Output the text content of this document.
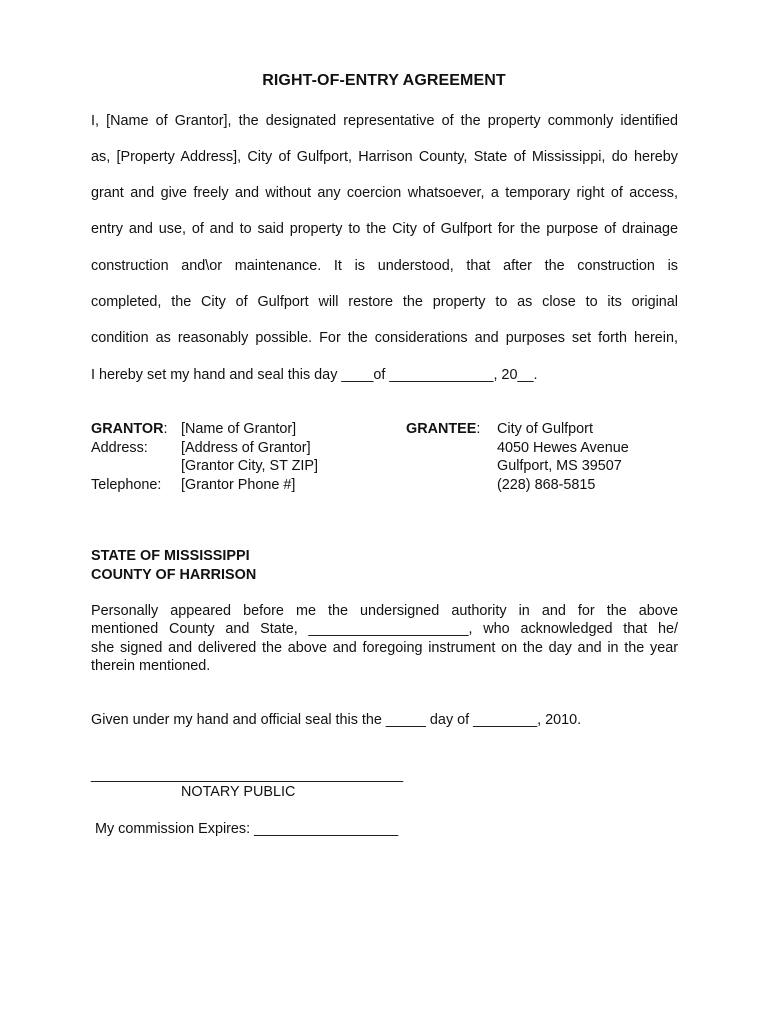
RIGHT-OF-ENTRY AGREEMENT
I, [Name of Grantor], the designated representative of the property commonly identified
as, [Property Address], City of Gulfport, Harrison County, State of Mississippi, do hereby
grant and give freely and without any coercion whatsoever, a temporary right of access,
entry and use, of and to said property to the City of Gulfport for the purpose of drainage
construction and\or maintenance. It is understood, that after the construction is
completed, the City of Gulfport will restore the property to as close to its original
condition as reasonably possible. For the considerations and purposes set forth herein,
I hereby set my hand and seal this day ____of _____________, 20__.
GRANTOR:
Address:

Telephone:
[Name of Grantor]
[Address of Grantor]
[Grantor City, ST ZIP]
[Grantor Phone #]
GRANTEE: City of Gulfport
4050 Hewes Avenue
Gulfport, MS 39507
(228) 868-5815
STATE OF MISSISSIPPI
COUNTY OF HARRISON
Personally appeared before me the undersigned authority in and for the above
mentioned County and State, ____________________, who acknowledged that he/
she signed and delivered the above and foregoing instrument on the day and in the year
therein mentioned.
Given under my hand and official seal this the _____ day of ________, 2010.
_______________________________________
NOTARY PUBLIC
My commission Expires: __________________
